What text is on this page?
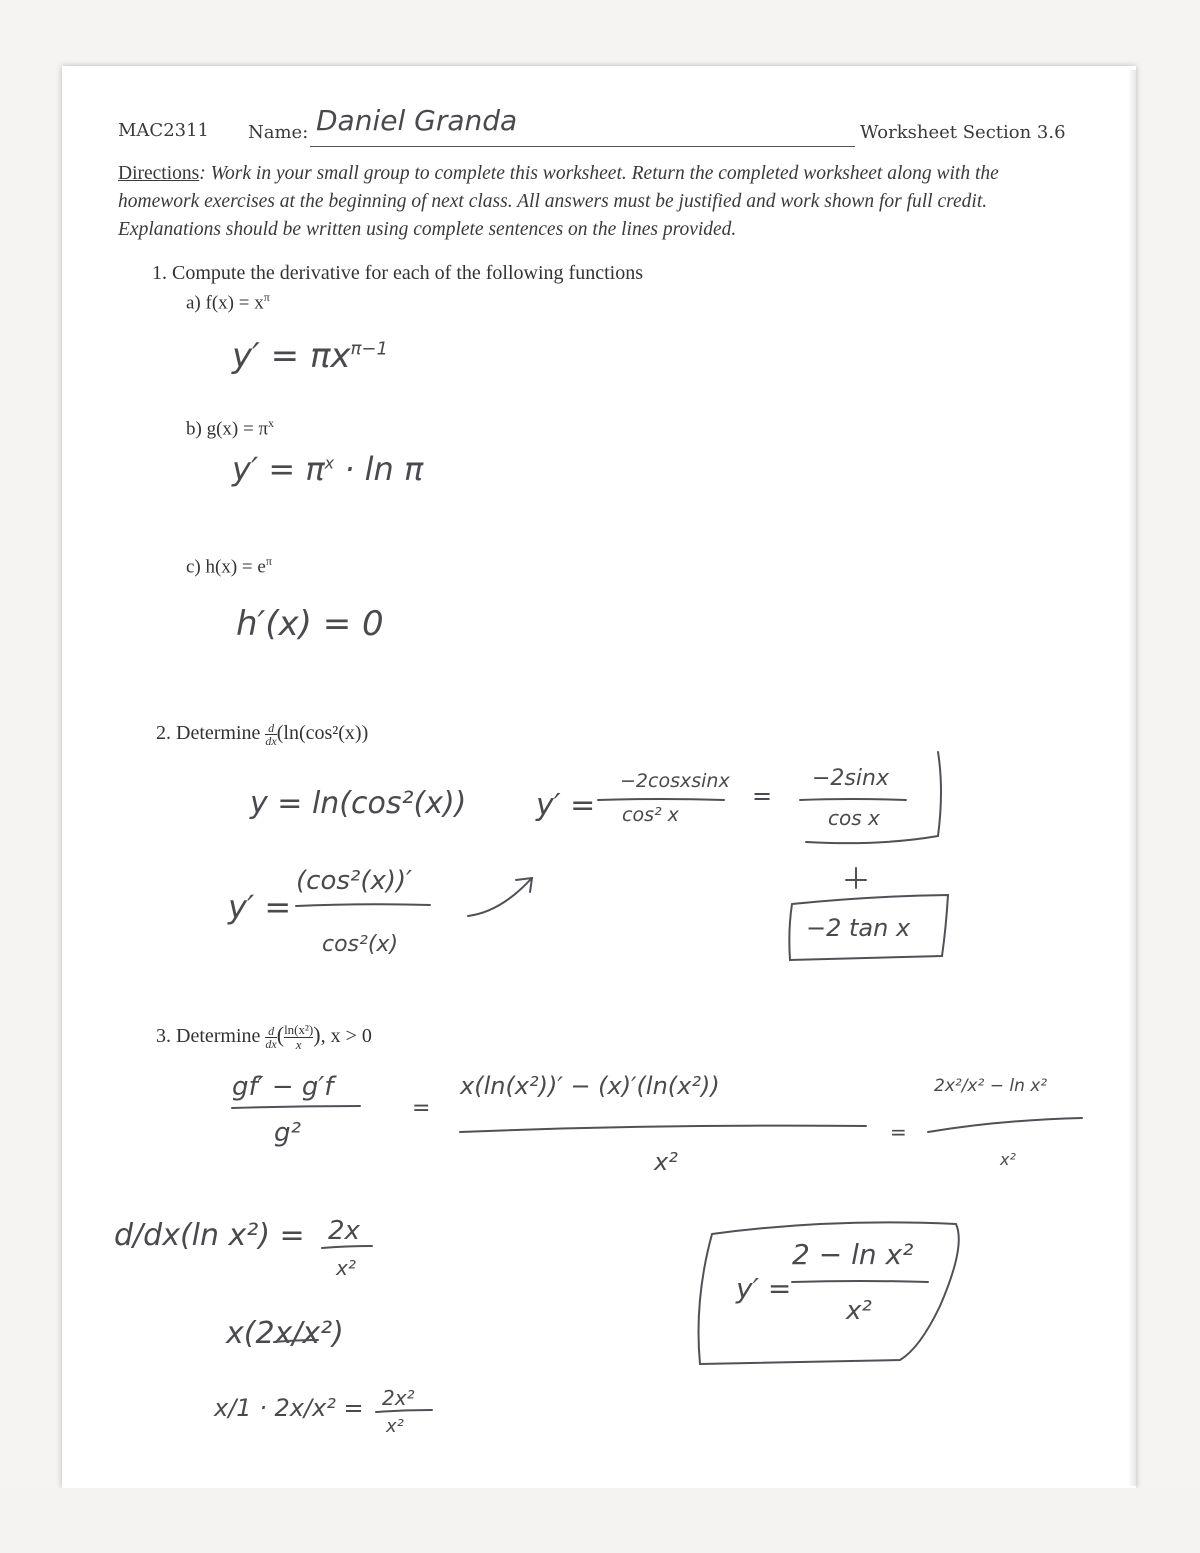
MAC2311 Name: Daniel Granda	Worksheet Section 3.6
Directions: Work in your small group to complete this worksheet. Return the completed worksheet along with the homework exercises at the beginning of next class. All answers must be justified and work shown for full credit. Explanations should be written using complete sentences on the lines provided.
1. Compute the derivative for each of the following functions
a) $f(x) = x^\pi$
$y' = \pi x^{\pi-1}$
b) $g(x) = \pi^x$
$y' = \pi^x \cdot \ln \pi$
c) $h(x) = e^\pi$
h′(x) = 0
2. Determine $\frac{d}{dx} (\ln(\cos^2(x))$
y = ln(cos²(x))
y′ =
(cos²(x))′
cos²(x)
y′ =
−2cosxsinx
cos² x
=
−2sinx
cos x
−2 tan x
3. Determine $\frac{d}{dx}$ ( $\frac{\text{ln(x²)}}{x}$ ), x > 0
gf′ − g′f
g²
=
x(ln(x²))′ − (x)′(ln(x²))
x²
=
2x²/x² − ln x²
x²
d/dx(ln x²) = 2x
x²
x(2x/x²)
x/1 · 2x/x² = 2x²
x²
y′ =
2 − ln x²
x²
